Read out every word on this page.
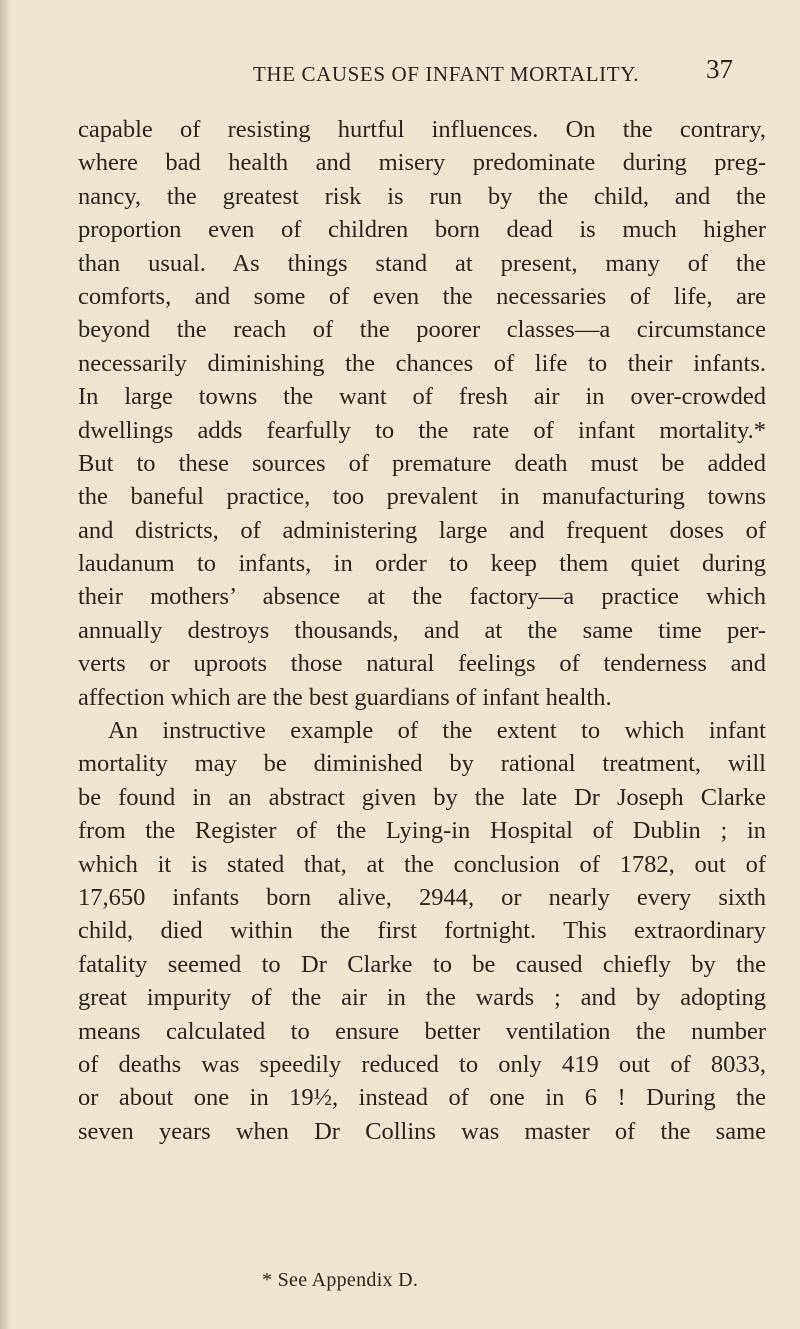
THE CAUSES OF INFANT MORTALITY. 37
capable of resisting hurtful influences. On the contrary,
where bad health and misery predominate during preg-
nancy, the greatest risk is run by the child, and the
proportion even of children born dead is much higher
than usual. As things stand at present, many of the
comforts, and some of even the necessaries of life, are
beyond the reach of the poorer classes—a circumstance
necessarily diminishing the chances of life to their infants.
In large towns the want of fresh air in over-crowded
dwellings adds fearfully to the rate of infant mortality.*
But to these sources of premature death must be added
the baneful practice, too prevalent in manufacturing towns
and districts, of administering large and frequent doses of
laudanum to infants, in order to keep them quiet during
their mothers’ absence at the factory—a practice which
annually destroys thousands, and at the same time per-
verts or uproots those natural feelings of tenderness and
affection which are the best guardians of infant health.
An instructive example of the extent to which infant
mortality may be diminished by rational treatment, will
be found in an abstract given by the late Dr Joseph Clarke
from the Register of the Lying-in Hospital of Dublin ; in
which it is stated that, at the conclusion of 1782, out of
17,650 infants born alive, 2944, or nearly every sixth
child, died within the first fortnight. This extraordinary
fatality seemed to Dr Clarke to be caused chiefly by the
great impurity of the air in the wards ; and by adopting
means calculated to ensure better ventilation the number
of deaths was speedily reduced to only 419 out of 8033,
or about one in 19½, instead of one in 6 ! During the
seven years when Dr Collins was master of the same
* See Appendix D.
